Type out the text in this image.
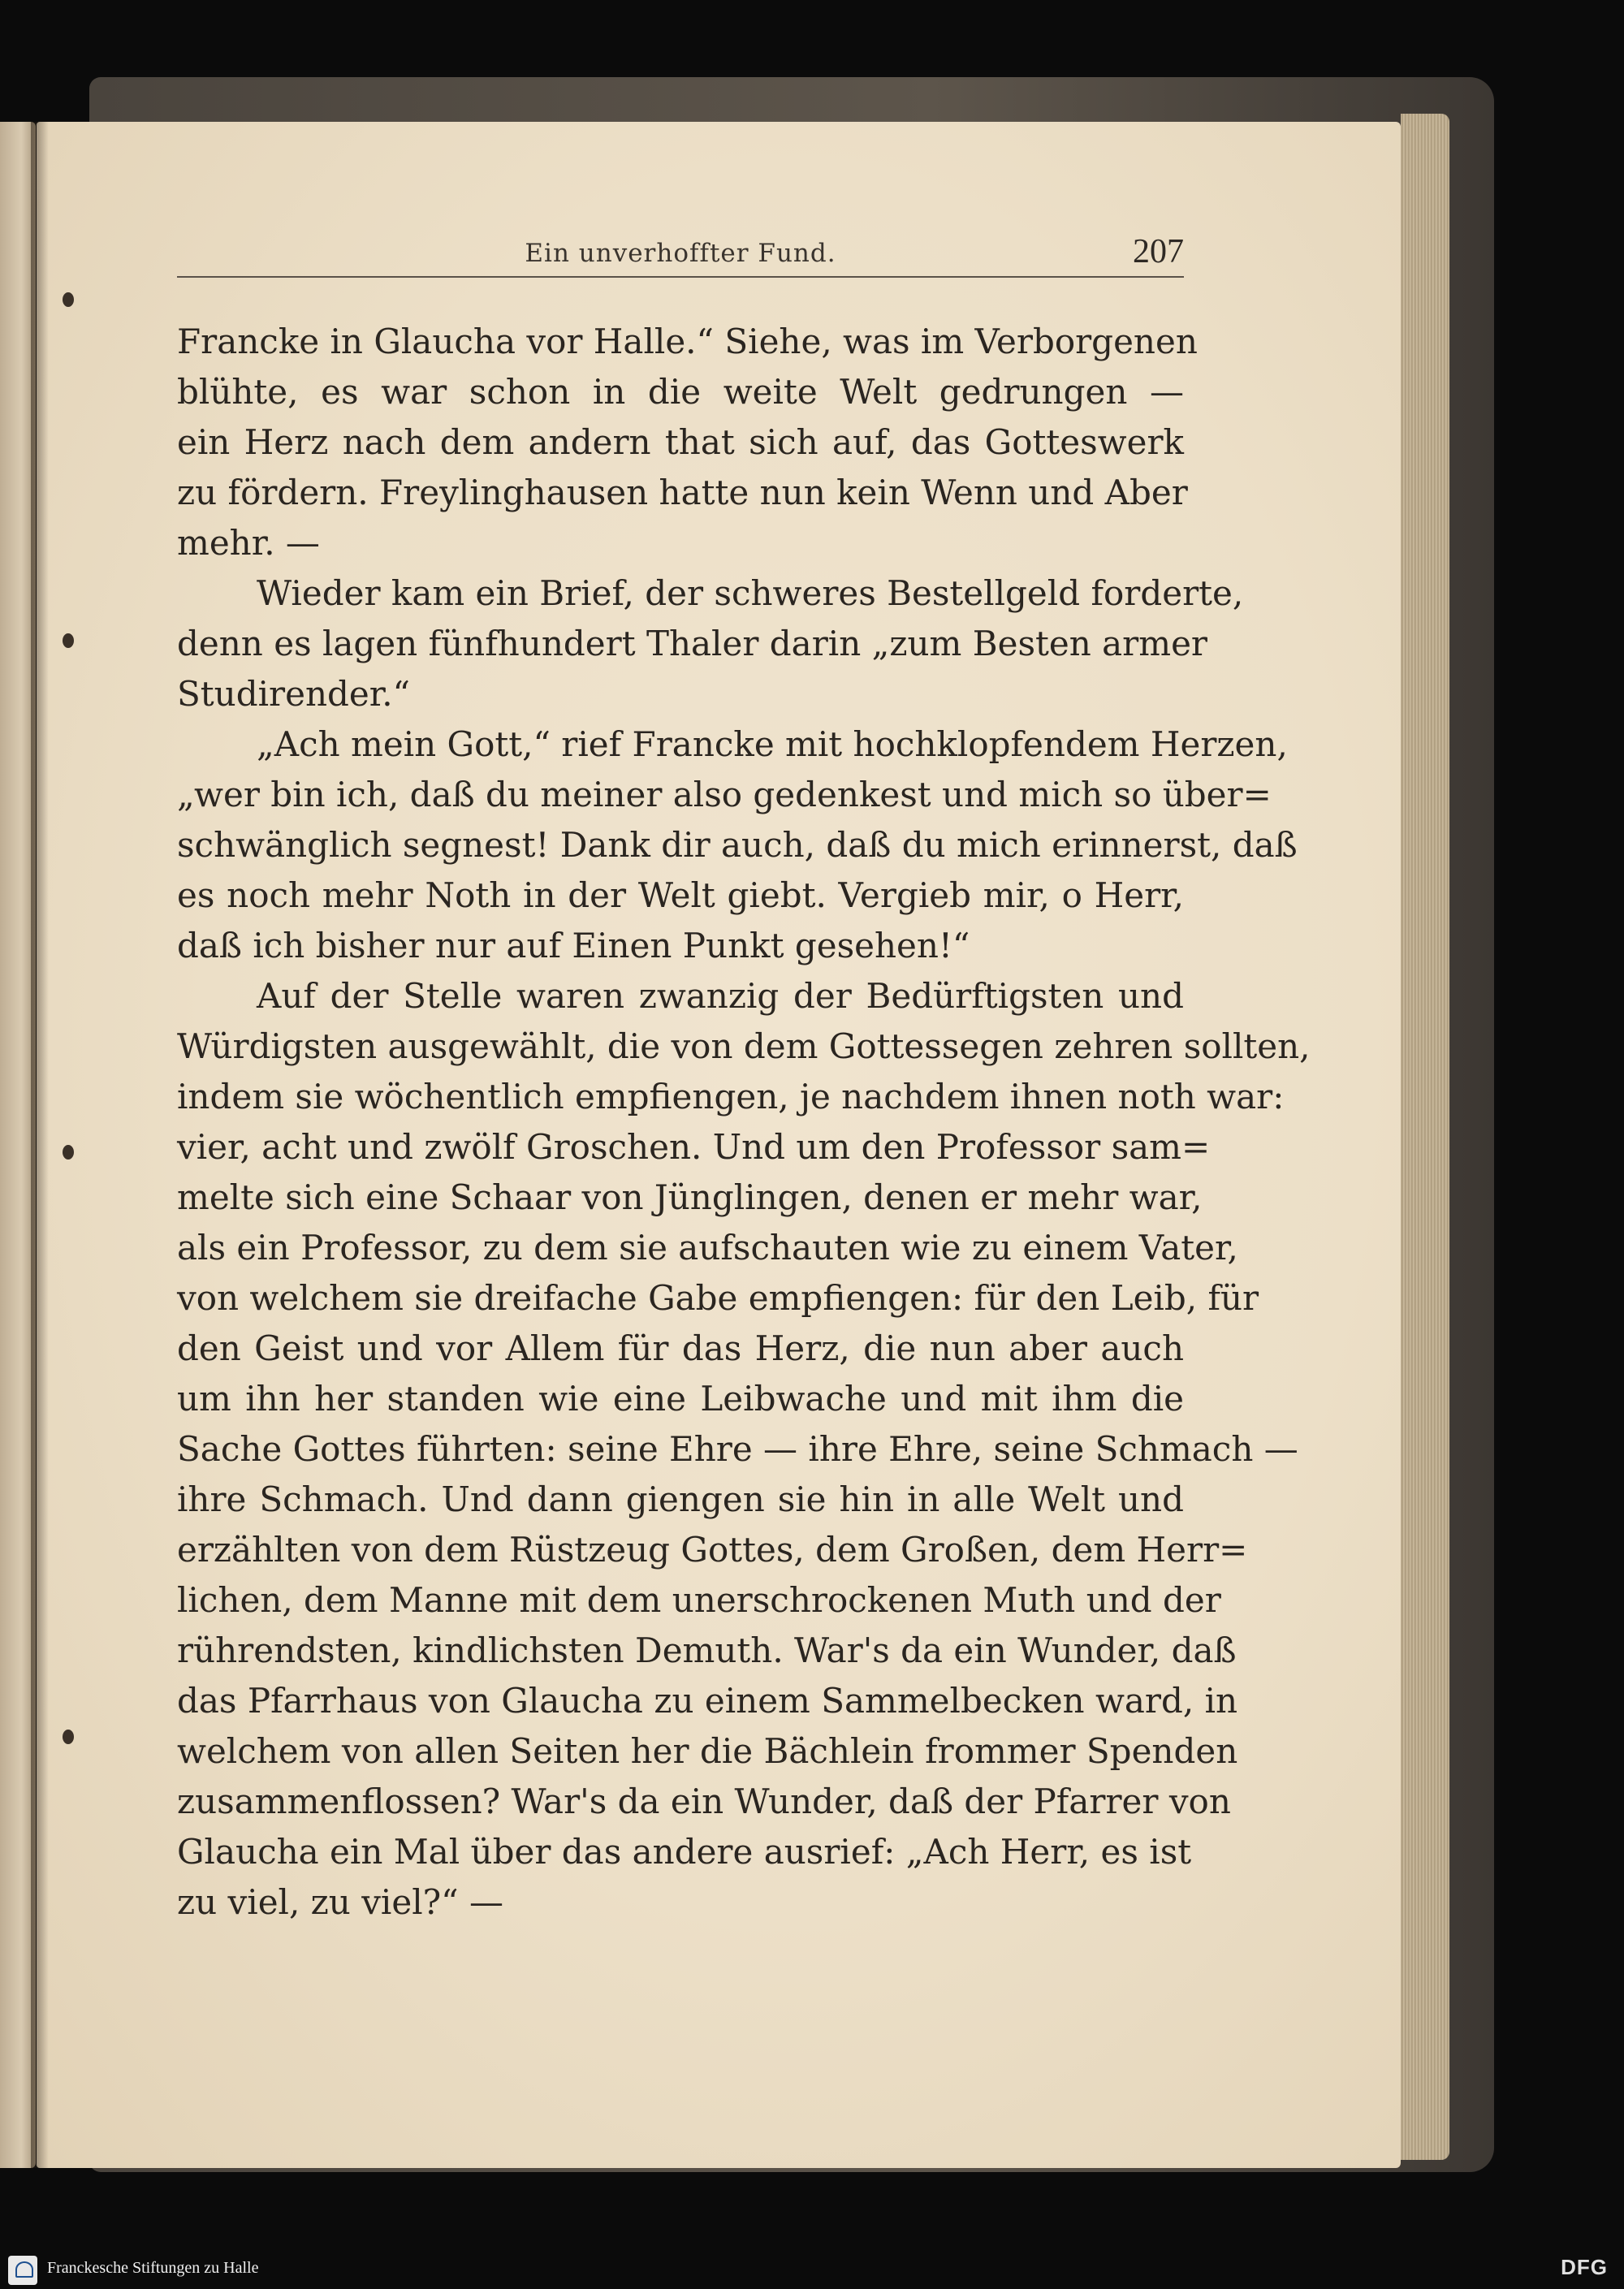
Ein unverhoffter Fund.	207
Francke in Glaucha vor Halle.“ Siehe, was im Verborgenen
blühte, es war schon in die weite Welt gedrungen —
ein Herz nach dem andern that sich auf, das Gotteswerk
zu fördern. Freylinghausen hatte nun kein Wenn und Aber
mehr. —
Wieder kam ein Brief, der schweres Bestellgeld forderte,
denn es lagen fünfhundert Thaler darin „zum Besten armer
Studirender.“
„Ach mein Gott,“ rief Francke mit hochklopfendem Herzen,
„wer bin ich, daß du meiner also gedenkest und mich so über=
schwänglich segnest! Dank dir auch, daß du mich erinnerst, daß
es noch mehr Noth in der Welt giebt. Vergieb mir, o Herr,
daß ich bisher nur auf Einen Punkt gesehen!“
Auf der Stelle waren zwanzig der Bedürftigsten und
Würdigsten ausgewählt, die von dem Gottessegen zehren sollten,
indem sie wöchentlich empfiengen, je nachdem ihnen noth war:
vier, acht und zwölf Groschen. Und um den Professor sam=
melte sich eine Schaar von Jünglingen, denen er mehr war,
als ein Professor, zu dem sie aufschauten wie zu einem Vater,
von welchem sie dreifache Gabe empfiengen: für den Leib, für
den Geist und vor Allem für das Herz, die nun aber auch
um ihn her standen wie eine Leibwache und mit ihm die
Sache Gottes führten: seine Ehre — ihre Ehre, seine Schmach —
ihre Schmach. Und dann giengen sie hin in alle Welt und
erzählten von dem Rüstzeug Gottes, dem Großen, dem Herr=
lichen, dem Manne mit dem unerschrockenen Muth und der
rührendsten, kindlichsten Demuth. War's da ein Wunder, daß
das Pfarrhaus von Glaucha zu einem Sammelbecken ward, in
welchem von allen Seiten her die Bächlein frommer Spenden
zusammenflossen? War's da ein Wunder, daß der Pfarrer von
Glaucha ein Mal über das andere ausrief: „Ach Herr, es ist
zu viel, zu viel?“ —
Franckesche Stiftungen zu Halle	DFG
